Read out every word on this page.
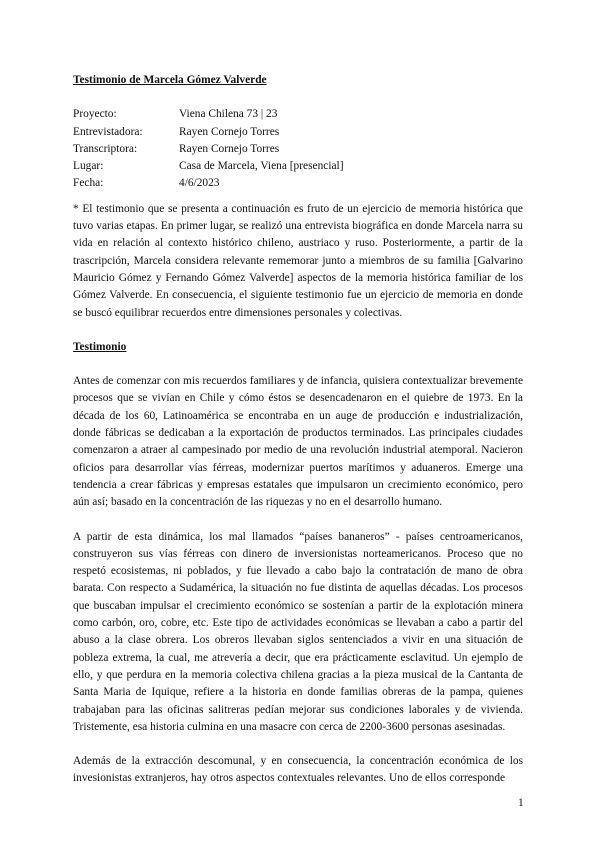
Testimonio de Marcela Gómez Valverde

Proyecto:	Viena Chilena 73 | 23
Entrevistadora:	Rayen Cornejo Torres
Transcriptora:	Rayen Cornejo Torres
Lugar:	Casa de Marcela, Viena [presencial]
Fecha:	4/6/2023

* El testimonio que se presenta a continuación es fruto de un ejercicio de memoria histórica que tuvo varias etapas. En primer lugar, se realizó una entrevista biográfica en donde Marcela narra su vida en relación al contexto histórico chileno, austriaco y ruso. Posteriormente, a partir de la trascripción, Marcela considera relevante rememorar junto a miembros de su familia [Galvarino Mauricio Gómez y Fernando Gómez Valverde] aspectos de la memoria histórica familiar de los Gómez Valverde. En consecuencia, el siguiente testimonio fue un ejercicio de memoria en donde se buscó equilibrar recuerdos entre dimensiones personales y colectivas.

Testimonio

Antes de comenzar con mis recuerdos familiares y de infancia, quisiera contextualizar brevemente procesos que se vivían en Chile y cómo éstos se desencadenaron en el quiebre de 1973. En la década de los 60, Latinoamérica se encontraba en un auge de producción e industrialización, donde fábricas se dedicaban a la exportación de productos terminados. Las principales ciudades comenzaron a atraer al campesinado por medio de una revolución industrial atemporal. Nacieron oficios para desarrollar vías férreas, modernizar puertos marítimos y aduaneros. Emerge una tendencia a crear fábricas y empresas estatales que impulsaron un crecimiento económico, pero aún así; basado en la concentración de las riquezas y no en el desarrollo humano.

A partir de esta dinámica, los mal llamados “países bananeros” - países centroamericanos, construyeron sus vías férreas con dinero de inversionistas norteamericanos. Proceso que no respetó ecosistemas, ni poblados, y fue llevado a cabo bajo la contratación de mano de obra barata. Con respecto a Sudamérica, la situación no fue distinta de aquellas décadas. Los procesos que buscaban impulsar el crecimiento económico se sostenían a partir de la explotación minera como carbón, oro, cobre, etc. Este tipo de actividades económicas se llevaban a cabo a partir del abuso a la clase obrera. Los obreros llevaban siglos sentenciados a vivir en una situación de pobleza extrema, la cual, me atrevería a decir, que era prácticamente esclavitud. Un ejemplo de ello, y que perdura en la memoria colectiva chilena gracias a la pieza musical de la Cantanta de Santa Maria de Iquique, refiere a la historia en donde familias obreras de la pampa, quienes trabajaban para las oficinas salitreras pedían mejorar sus condiciones laborales y de vivienda. Tristemente, esa historia culmina en una masacre con cerca de 2200-3600 personas asesinadas.

Además de la extracción descomunal, y en consecuencia, la concentración económica de los invesionistas extranjeros, hay otros aspectos contextuales relevantes. Uno de ellos corresponde

1
